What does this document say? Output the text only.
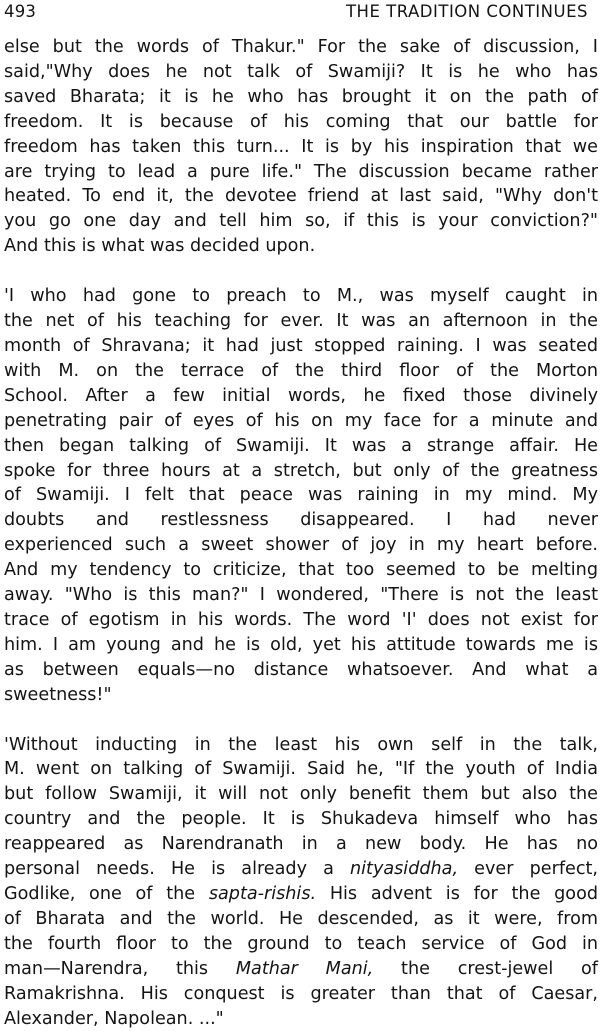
493	THE TRADITION CONTINUES
else but the words of Thakur." For the sake of discussion, I
said,"Why does he not talk of Swamiji? It is he who has
saved Bharata; it is he who has brought it on the path of
freedom. It is because of his coming that our battle for
freedom has taken this turn... It is by his inspiration that we
are trying to lead a pure life." The discussion became rather
heated. To end it, the devotee friend at last said, "Why don't
you go one day and tell him so, if this is your conviction?"
And this is what was decided upon.
'I who had gone to preach to M., was myself caught in
the net of his teaching for ever. It was an afternoon in the
month of Shravana; it had just stopped raining. I was seated
with M. on the terrace of the third floor of the Morton
School. After a few initial words, he fixed those divinely
penetrating pair of eyes of his on my face for a minute and
then began talking of Swamiji. It was a strange affair. He
spoke for three hours at a stretch, but only of the greatness
of Swamiji. I felt that peace was raining in my mind. My
doubts and restlessness disappeared. I had never
experienced such a sweet shower of joy in my heart before.
And my tendency to criticize, that too seemed to be melting
away. "Who is this man?" I wondered, "There is not the least
trace of egotism in his words. The word 'I' does not exist for
him. I am young and he is old, yet his attitude towards me is
as between equals—no distance whatsoever. And what a
sweetness!"
'Without inducting in the least his own self in the talk,
M. went on talking of Swamiji. Said he, "If the youth of India
but follow Swamiji, it will not only benefit them but also the
country and the people. It is Shukadeva himself who has
reappeared as Narendranath in a new body. He has no
personal needs. He is already a nityasiddha, ever perfect,
Godlike, one of the sapta-rishis. His advent is for the good
of Bharata and the world. He descended, as it were, from
the fourth floor to the ground to teach service of God in
man—Narendra, this Mathar Mani, the crest-jewel of
Ramakrishna. His conquest is greater than that of Caesar,
Alexander, Napolean. ..."
